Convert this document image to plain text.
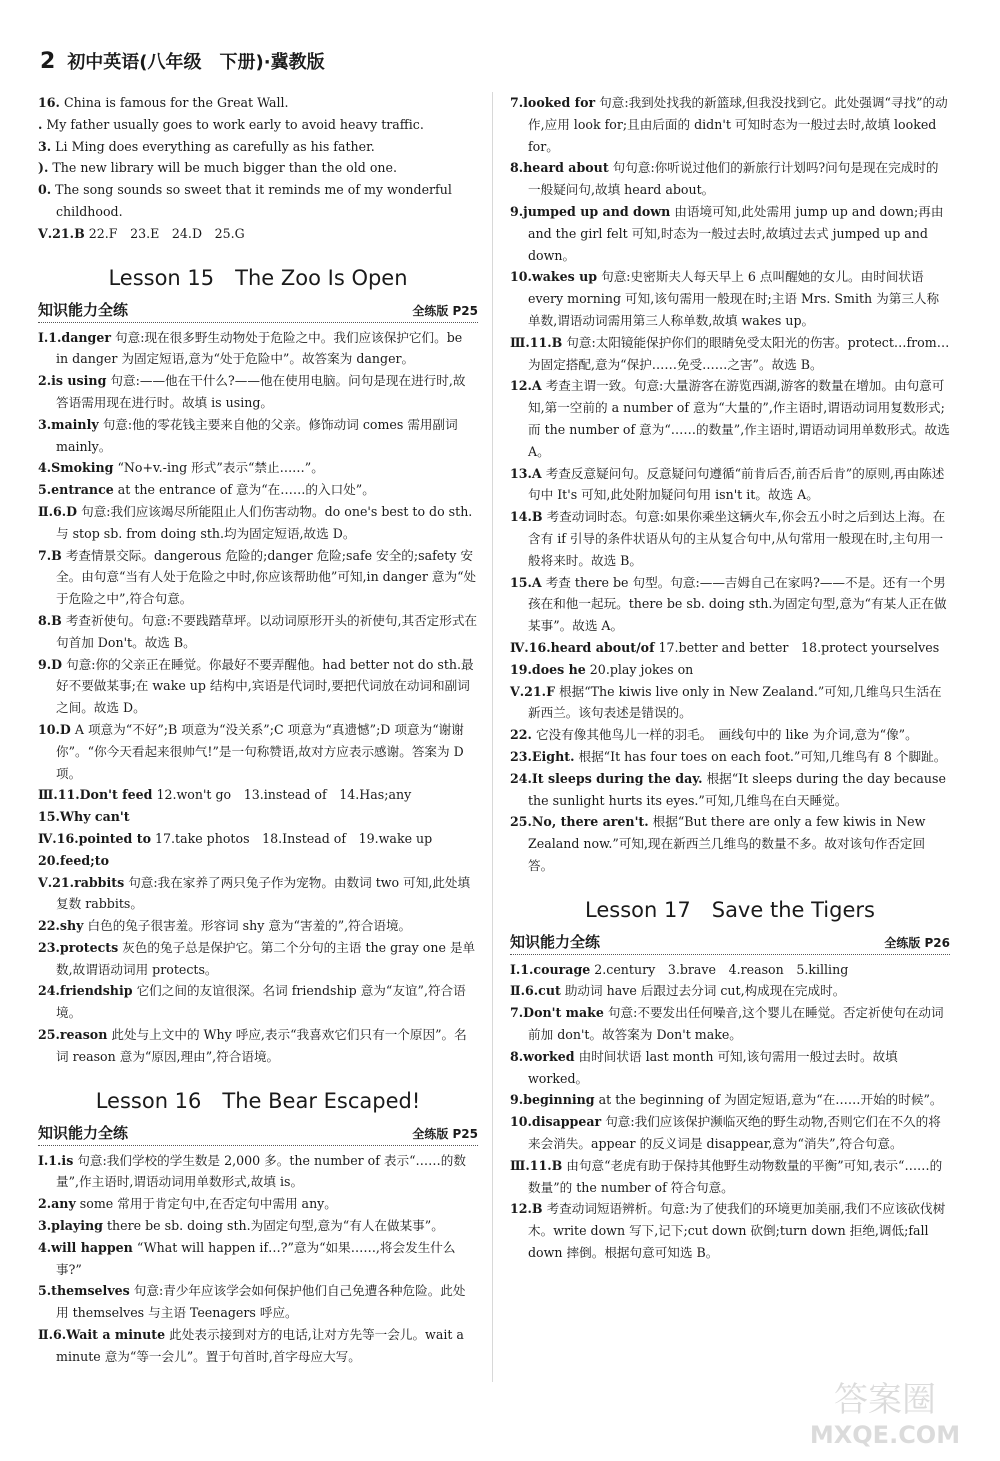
2 初中英语(八年级　下册)·冀教版

16. China is famous for the Great Wall.

. My father usually goes to work early to avoid heavy traffic.

3. Li Ming does everything as carefully as his father.

). The new library will be much bigger than the old one.

0. The song sounds so sweet that it reminds me of my wonderful childhood.

Ⅴ.21.B 22.F　23.E　24.D　25.G

Lesson 15　The Zoo Is Open
知识能力全练	全练版 P25

Ⅰ.1.danger 句意:现在很多野生动物处于危险之中。我们应该保护它们。be in danger 为固定短语,意为“处于危险中”。故答案为 danger。

2.is using 句意:——他在干什么?——他在使用电脑。问句是现在进行时,故答语需用现在进行时。故填 is using。

3.mainly 句意:他的零花钱主要来自他的父亲。修饰动词 comes 需用副词 mainly。

4.Smoking “No+v.-ing 形式”表示“禁止……”。

5.entrance at the entrance of 意为“在……的入口处”。

Ⅱ.6.D 句意:我们应该竭尽所能阻止人们伤害动物。do one's best to do sth.与 stop sb. from doing sth.均为固定短语,故选 D。

7.B 考查情景交际。dangerous 危险的;danger 危险;safe 安全的;safety 安全。由句意“当有人处于危险之中时,你应该帮助他”可知,in danger 意为“处于危险之中”,符合句意。

8.B 考查祈使句。句意:不要践踏草坪。以动词原形开头的祈使句,其否定形式在句首加 Don't。故选 B。

9.D 句意:你的父亲正在睡觉。你最好不要弄醒他。had better not do sth.最好不要做某事;在 wake up 结构中,宾语是代词时,要把代词放在动词和副词之间。故选 D。

10.D A 项意为“不好”;B 项意为“没关系”;C 项意为“真遗憾”;D 项意为“谢谢你”。“你今天看起来很帅气!”是一句称赞语,故对方应表示感谢。答案为 D 项。

Ⅲ.11.Don't feed 12.won't go　13.instead of　14.Has;any

15.Why can't

Ⅳ.16.pointed to 17.take photos　18.Instead of　19.wake up

20.feed;to

Ⅴ.21.rabbits 句意:我在家养了两只兔子作为宠物。由数词 two 可知,此处填复数 rabbits。

22.shy 白色的兔子很害羞。形容词 shy 意为“害羞的”,符合语境。

23.protects 灰色的兔子总是保护它。第二个分句的主语 the gray one 是单数,故谓语动词用 protects。

24.friendship 它们之间的友谊很深。名词 friendship 意为“友谊”,符合语境。

25.reason 此处与上文中的 Why 呼应,表示“我喜欢它们只有一个原因”。名词 reason 意为“原因,理由”,符合语境。

Lesson 16　The Bear Escaped!
知识能力全练	全练版 P25

Ⅰ.1.is 句意:我们学校的学生数是 2,000 多。the number of 表示“……的数量”,作主语时,谓语动词用单数形式,故填 is。

2.any some 常用于肯定句中,在否定句中需用 any。

3.playing there be sb. doing sth.为固定句型,意为“有人在做某事”。

4.will happen “What will happen if…?”意为“如果……,将会发生什么事?”

5.themselves 句意:青少年应该学会如何保护他们自己免遭各种危险。此处用 themselves 与主语 Teenagers 呼应。

Ⅱ.6.Wait a minute 此处表示接到对方的电话,让对方先等一会儿。wait a minute 意为“等一会儿”。置于句首时,首字母应大写。

7.looked for 句意:我到处找我的新篮球,但我没找到它。此处强调“寻找”的动作,应用 look for;且由后面的 didn't 可知时态为一般过去时,故填 looked for。

8.heard about 句句意:你听说过他们的新旅行计划吗?问句是现在完成时的一般疑问句,故填 heard about。

9.jumped up and down 由语境可知,此处需用 jump up and down;再由 and the girl felt 可知,时态为一般过去时,故填过去式 jumped up and down。

10.wakes up 句意:史密斯夫人每天早上 6 点叫醒她的女儿。由时间状语 every morning 可知,该句需用一般现在时;主语 Mrs. Smith 为第三人称单数,谓语动词需用第三人称单数,故填 wakes up。

Ⅲ.11.B 句意:太阳镜能保护你们的眼睛免受太阳光的伤害。protect…from…为固定搭配,意为“保护……免受……之害”。故选 B。

12.A 考查主谓一致。句意:大量游客在游览西湖,游客的数量在增加。由句意可知,第一空前的 a number of 意为“大量的”,作主语时,谓语动词用复数形式;而 the number of 意为“……的数量”,作主语时,谓语动词用单数形式。故选 A。

13.A 考查反意疑问句。反意疑问句遵循“前肯后否,前否后肯”的原则,再由陈述句中 It's 可知,此处附加疑问句用 isn't it。故选 A。

14.B 考查动词时态。句意:如果你乘坐这辆火车,你会五小时之后到达上海。在含有 if 引导的条件状语从句的主从复合句中,从句常用一般现在时,主句用一般将来时。故选 B。

15.A 考查 there be 句型。句意:——吉姆自己在家吗?——不是。还有一个男孩在和他一起玩。there be sb. doing sth.为固定句型,意为“有某人正在做某事”。故选 A。

Ⅳ.16.heard about/of 17.better and better　18.protect yourselves

19.does he 20.play jokes on

Ⅴ.21.F 根据“The kiwis live only in New Zealand.”可知,几维鸟只生活在新西兰。该句表述是错误的。

22. 它没有像其他鸟儿一样的羽毛。　画线句中的 like 为介词,意为“像”。

23.Eight. 根据“It has four toes on each foot.”可知,几维鸟有 8 个脚趾。

24.It sleeps during the day. 根据“It sleeps during the day because the sunlight hurts its eyes.”可知,几维鸟在白天睡觉。

25.No, there aren't. 根据“But there are only a few kiwis in New Zealand now.”可知,现在新西兰几维鸟的数量不多。故对该句作否定回答。

Lesson 17　Save the Tigers
知识能力全练	全练版 P26

Ⅰ.1.courage 2.century　3.brave　4.reason　5.killing

Ⅱ.6.cut 助动词 have 后跟过去分词 cut,构成现在完成时。

7.Don't make 句意:不要发出任何噪音,这个婴儿在睡觉。否定祈使句在动词前加 don't。故答案为 Don't make。

8.worked 由时间状语 last month 可知,该句需用一般过去时。故填 worked。

9.beginning at the beginning of 为固定短语,意为“在……开始的时候”。

10.disappear 句意:我们应该保护濒临灭绝的野生动物,否则它们在不久的将来会消失。appear 的反义词是 disappear,意为“消失”,符合句意。

Ⅲ.11.B 由句意“老虎有助于保持其他野生动物数量的平衡”可知,表示“……的数量”的 the number of 符合句意。

12.B 考查动词短语辨析。句意:为了使我们的环境更加美丽,我们不应该砍伐树木。write down 写下,记下;cut down 砍倒;turn down 拒绝,调低;fall down 摔倒。根据句意可知选 B。

答案圈
MXQE.COM
